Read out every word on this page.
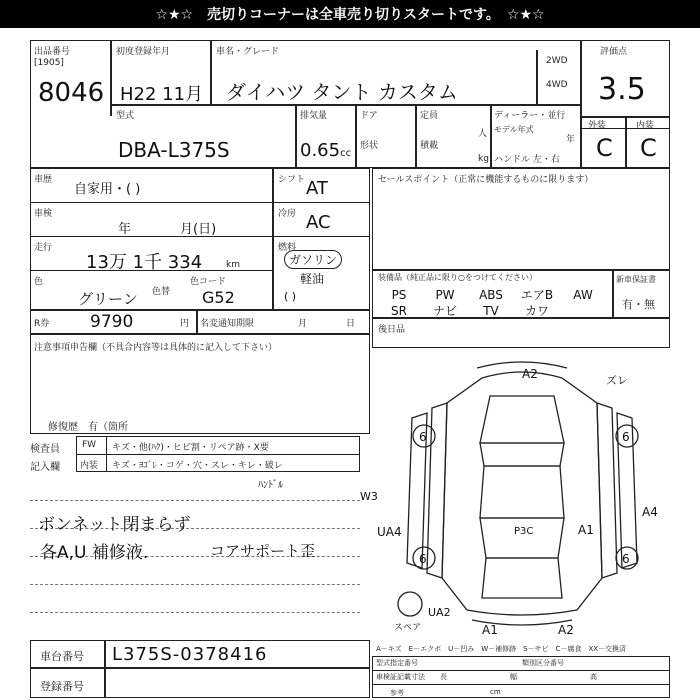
☆★☆　売切りコーナーは全車売り切りスタートです。　☆★☆
出品番号
[1905]
8046
初度登録年月
H22 11月
車名・グレード
ダイハツ タント カスタム
2WD
4WD
評価点
3.5
外装	内装
C C
型式
DBA-L375S
排気量
0.65cc
ドア
形状
定員
人
積載
kg
ディーラー・並行
モデル年式
年
ハンドル 左・右
車歴
自家用・( )
車検
年	月(日)
走行
13万 1千 334	km
色
グリーン 色替
色コード
G52
シフト AT
冷房 AC
燃料
ガソリン
軽油
( )
R券 9790	円 名変通知期限	月	日
注意事項申告欄（不具合内容等は具体的に記入して下さい）
修復歴　有（箇所
検査員
記入欄
FW キズ・他(ﾊｸ)・ヒビ割・リペア跡・X要
内装 キズ・ﾖｺﾞﾚ・コゲ・穴・スレ・キレ・破レ
ﾊﾝﾄﾞﾙ
ボンネット閉まらず
各A,U 補修液.	コアサポート歪
セールスポイント（正常に機能するものに限ります）
装備品（純正品に限り○をつけてください）
PS PW ABS エアB AW
SR ナビ TV カワ
新車保証書
有・無
後日品
A2	ズレ
6	6
6	6
A4
UA4	P3C	A1
W3
UA2
A1	A2
スペア
A－キズ　E－エクボ　U－凹み　W－補修跡　S－サビ　C－腐食　XX－交換済
車台番号 L375S-0378416
登録番号
型式指定番号	類別区分番号
車検証記載寸法 長	幅	高
参考	cm
